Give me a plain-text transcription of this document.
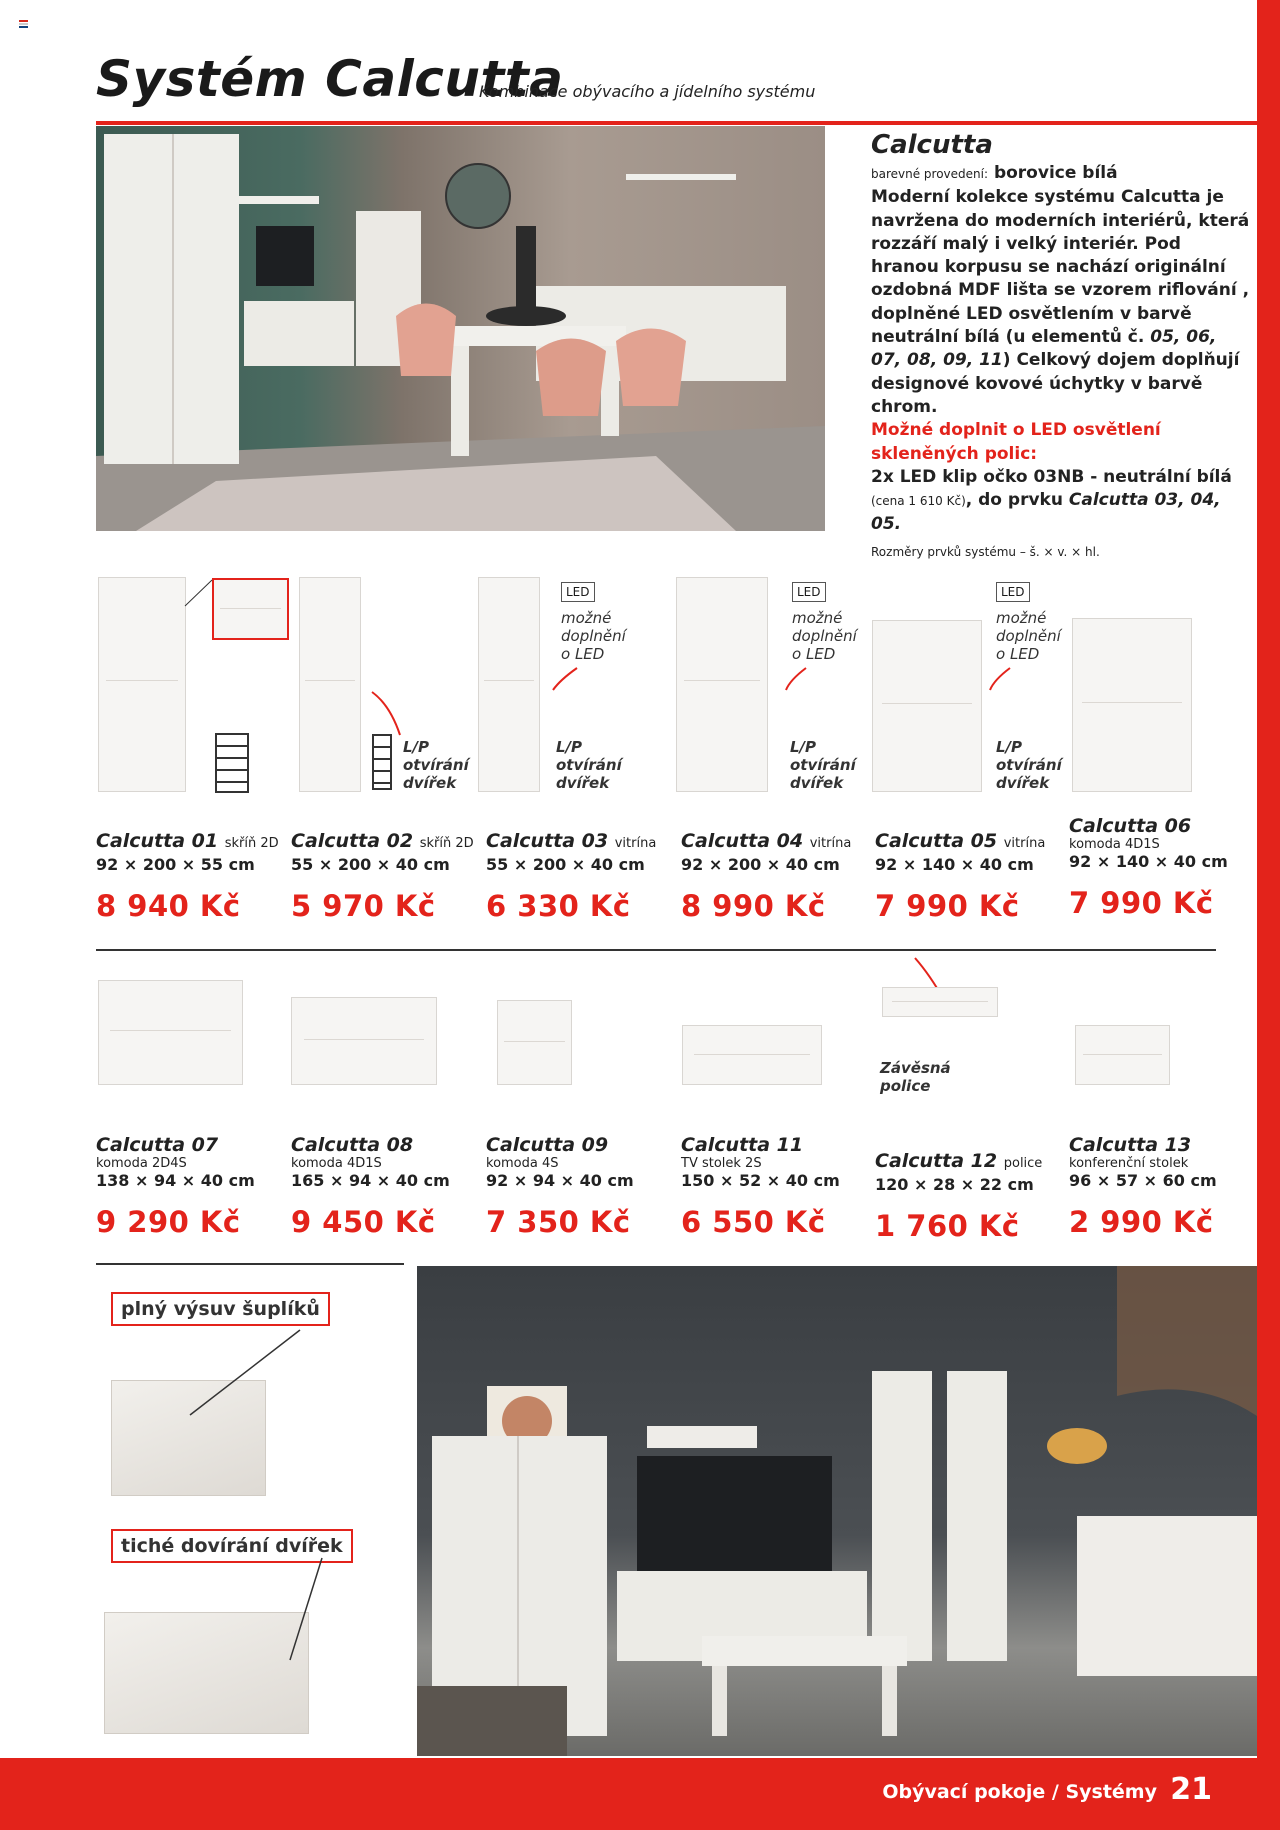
Systém Calcutta
Kombinace obývacího a jídelního systému
Calcutta
barevné provedení: borovice bílá
Moderní kolekce systému Calcutta je navržena do moderních interiérů, která rozzáří malý i velký interiér. Pod hranou korpusu se nachází originální ozdobná MDF lišta se vzorem riflování , doplněné LED osvětlením v barvě neutrální bílá (u elementů č. 05, 06, 07, 08, 09, 11) Celkový dojem doplňují designové kovové úchytky v barvě chrom.
Možné doplnit o LED osvětlení skleněných polic:
2x LED klip očko 03NB - neutrální bílá (cena 1 610 Kč), do prvku Calcutta 03, 04, 05.
Rozměry prvků systému – š. × v. × hl.
LED	LED	LED
možné doplnění o LED
možné doplnění o LED
možné doplnění o LED
L/P otvírání dvířek
L/P otvírání dvířek
L/P otvírání dvířek
L/P otvírání dvířek
Calcutta 01 skříň 2D
92 × 200 × 55 cm
8 940 Kč
Calcutta 02 skříň 2D
55 × 200 × 40 cm
5 970 Kč
Calcutta 03 vitrína
55 × 200 × 40 cm
6 330 Kč
Calcutta 04 vitrína
92 × 200 × 40 cm
8 990 Kč
Calcutta 05 vitrína
92 × 140 × 40 cm
7 990 Kč
Calcutta 06
komoda 4D1S
92 × 140 × 40 cm
7 990 Kč
Závěsná police
Calcutta 07
komoda 2D4S
138 × 94 × 40 cm
9 290 Kč
Calcutta 08
komoda 4D1S
165 × 94 × 40 cm
9 450 Kč
Calcutta 09
komoda 4S
92 × 94 × 40 cm
7 350 Kč
Calcutta 11
TV stolek 2S
150 × 52 × 40 cm
6 550 Kč
Calcutta 12 police
120 × 28 × 22 cm
1 760 Kč
Calcutta 13
konferenční stolek
96 × 57 × 60 cm
2 990 Kč
plný výsuv šuplíků
tiché dovírání dvířek
Obývací pokoje / Systémy 21
